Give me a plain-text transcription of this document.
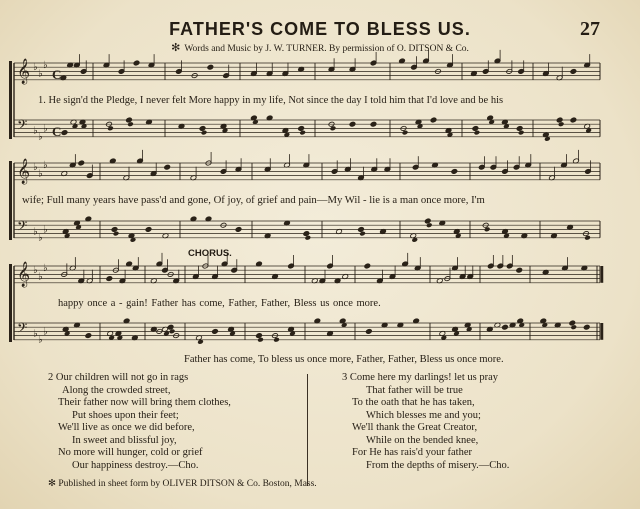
FATHER'S COME TO BLESS US.	27
✻ Words and Music by J. W. TURNER. By permission of O. DITSON & Co.
𝄞 ♭
♭
♭
𝄢 ♭
♭
♭
𝄞 ♭
♭
♭
𝄢 ♭
♭
♭
𝄞 ♭
♭
♭
𝄢 ♭
♭
♭
C
C
1. He sign'd the Pledge, I never felt More happy in my life, Not since the day I told him that I'd love and be his
wife; Full many years have pass'd and gone, Of joy, of grief and pain—My Wil - lie is a man once more, I'm
CHORUS.
happy once a - gain! Father has come, Father, Father, Bless us once more.
Father has come, To bless us once more, Father, Father, Bless us once more.
2 Our children will not go in rags
Along the crowded street,
Their father now will bring them clothes,
Put shoes upon their feet;
We'll live as once we did before,
In sweet and blissful joy,
No more will hunger, cold or grief
Our happiness destroy.—Cho.
3 Come here my darlings! let us pray
That father will be true
To the oath that he has taken,
Which blesses me and you;
We'll thank the Great Creator,
While on the bended knee,
For He has rais'd your father
From the depths of misery.—Cho.
✻ Published in sheet form by OLIVER DITSON & Co. Boston, Mass.
